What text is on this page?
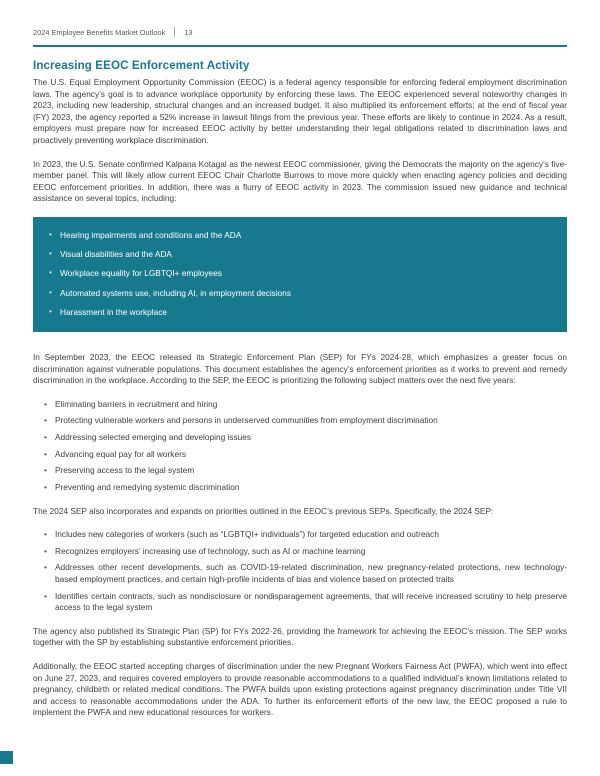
2024 Employee Benefits Market Outlook	13
Increasing EEOC Enforcement Activity

The U.S. Equal Employment Opportunity Commission (EEOC) is a federal agency responsible for enforcing federal employment discrimination laws. The agency’s goal is to advance workplace opportunity by enforcing these laws. The EEOC experienced several noteworthy changes in 2023, including new leadership, structural changes and an increased budget. It also multiplied its enforcement efforts; at the end of fiscal year (FY) 2023, the agency reported a 52% increase in lawsuit filings from the previous year. These efforts are likely to continue in 2024. As a result, employers must prepare now for increased EEOC activity by better understanding their legal obligations related to discrimination laws and proactively preventing workplace discrimination.

In 2023, the U.S. Senate confirmed Kalpana Kotagal as the newest EEOC commissioner, giving the Democrats the majority on the agency’s five-member panel. This will likely allow current EEOC Chair Charlotte Burrows to move more quickly when enacting agency policies and deciding EEOC enforcement priorities. In addition, there was a flurry of EEOC activity in 2023. The commission issued new guidance and technical assistance on several topics, including:

• Hearing impairments and conditions and the ADA
• Visual disabilities and the ADA
• Workplace equality for LGBTQI+ employees
• Automated systems use, including AI, in employment decisions
• Harassment in the workplace

In September 2023, the EEOC released its Strategic Enforcement Plan (SEP) for FYs 2024-28, which emphasizes a greater focus on discrimination against vulnerable populations. This document establishes the agency’s enforcement priorities as it works to prevent and remedy discrimination in the workplace. According to the SEP, the EEOC is prioritizing the following subject matters over the next five years:

• Eliminating barriers in recruitment and hiring
• Protecting vulnerable workers and persons in underserved communities from employment discrimination
• Addressing selected emerging and developing issues
• Advancing equal pay for all workers
• Preserving access to the legal system
• Preventing and remedying systemic discrimination

The 2024 SEP also incorporates and expands on priorities outlined in the EEOC’s previous SEPs. Specifically, the 2024 SEP:

• Includes new categories of workers (such as “LGBTQI+ individuals”) for targeted education and outreach
• Recognizes employers’ increasing use of technology, such as AI or machine learning
• Addresses other recent developments, such as COVID-19-related discrimination, new pregnancy-related protections, new technology-based employment practices, and certain high-profile incidents of bias and violence based on protected traits
• Identifies certain contracts, such as nondisclosure or nondisparagement agreements, that will receive increased scrutiny to help preserve access to the legal system

The agency also published its Strategic Plan (SP) for FYs 2022-26, providing the framework for achieving the EEOC’s mission. The SEP works together with the SP by establishing substantive enforcement priorities.

Additionally, the EEOC started accepting charges of discrimination under the new Pregnant Workers Fairness Act (PWFA), which went into effect on June 27, 2023, and requires covered employers to provide reasonable accommodations to a qualified individual’s known limitations related to pregnancy, childbirth or related medical conditions. The PWFA builds upon existing protections against pregnancy discrimination under Title VII and access to reasonable accommodations under the ADA. To further its enforcement efforts of the new law, the EEOC proposed a rule to implement the PWFA and new educational resources for workers.
